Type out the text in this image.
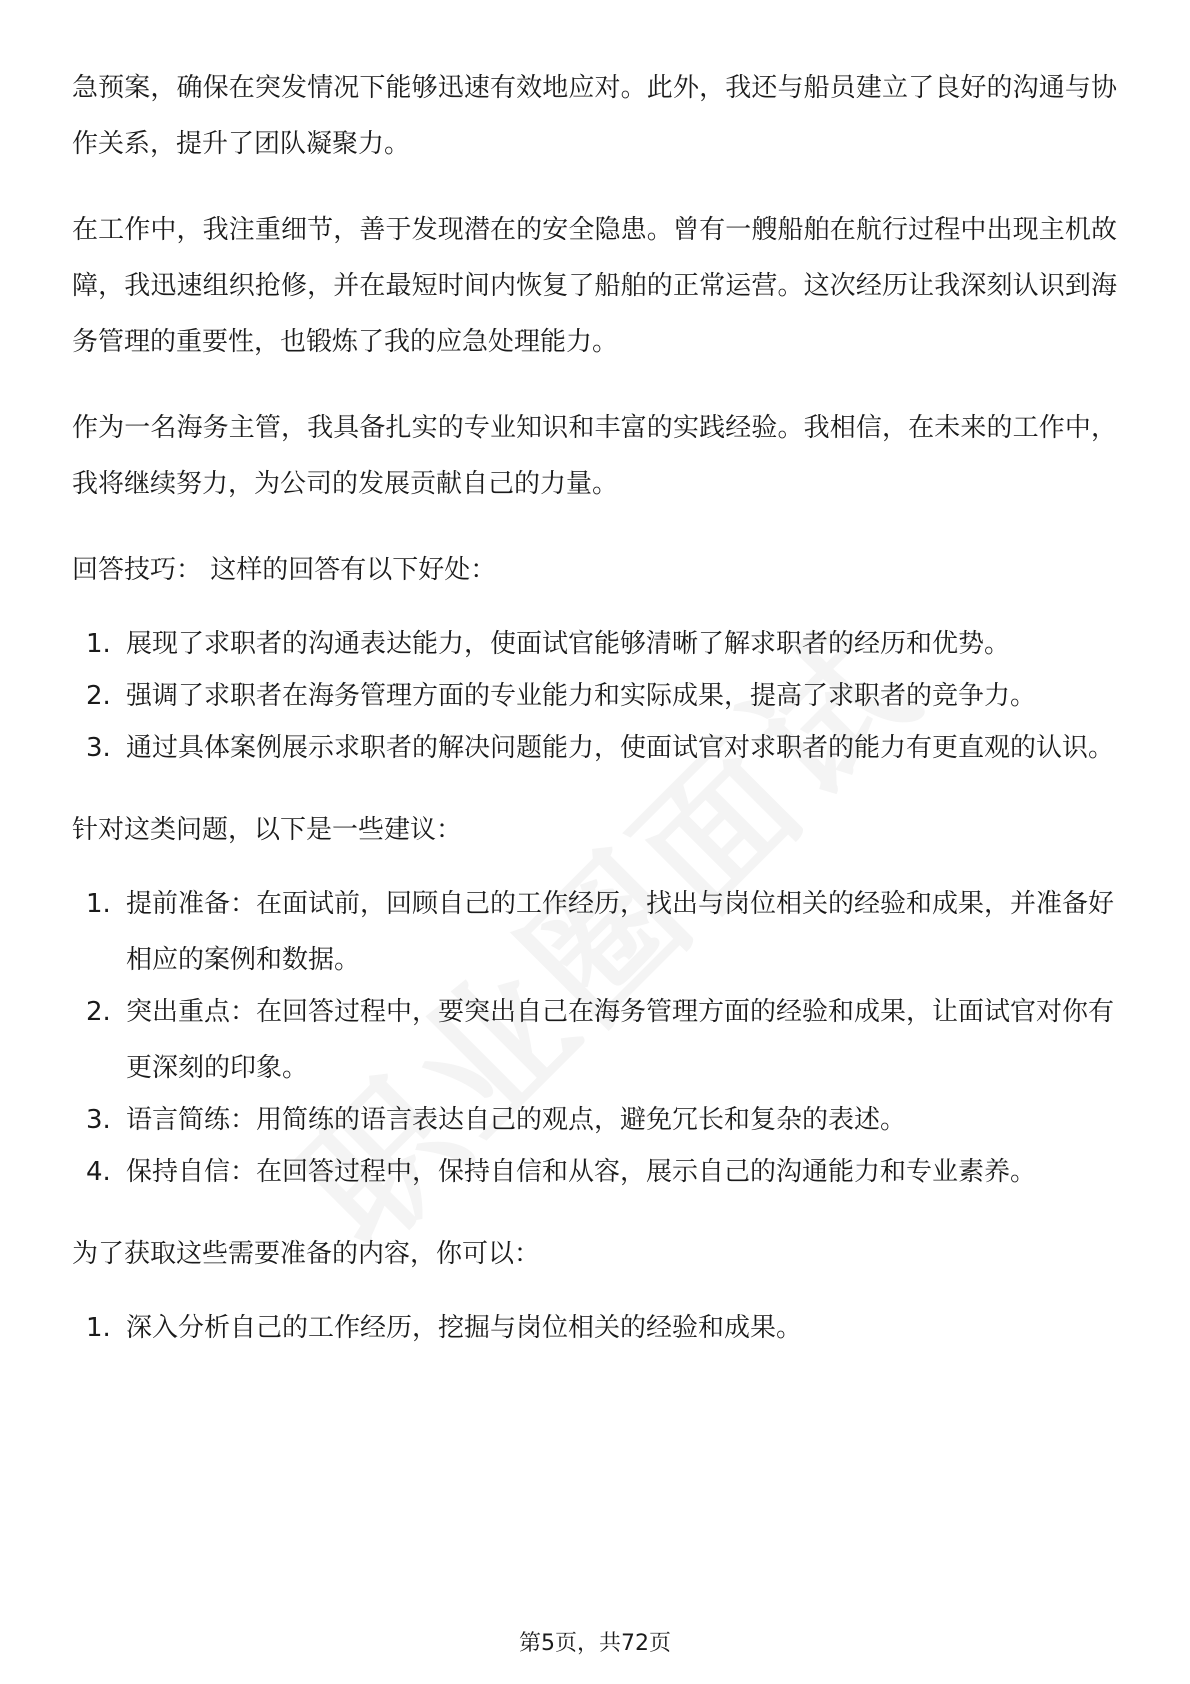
急预案，确保在突发情况下能够迅速有效地应对。此外，我还与船员建立了良好的沟通与协作关系，提升了团队凝聚力。

在工作中，我注重细节，善于发现潜在的安全隐患。曾有一艘船舶在航行过程中出现主机故障，我迅速组织抢修，并在最短时间内恢复了船舶的正常运营。这次经历让我深刻认识到海务管理的重要性，也锻炼了我的应急处理能力。

作为一名海务主管，我具备扎实的专业知识和丰富的实践经验。我相信，在未来的工作中，我将继续努力，为公司的发展贡献自己的力量。

回答技巧： 这样的回答有以下好处：

1. 展现了求职者的沟通表达能力，使面试官能够清晰了解求职者的经历和优势。
2. 强调了求职者在海务管理方面的专业能力和实际成果，提高了求职者的竞争力。
3. 通过具体案例展示求职者的解决问题能力，使面试官对求职者的能力有更直观的认识。

针对这类问题，以下是一些建议：

1. 提前准备：在面试前，回顾自己的工作经历，找出与岗位相关的经验和成果，并准备好相应的案例和数据。
2. 突出重点：在回答过程中，要突出自己在海务管理方面的经验和成果，让面试官对你有更深刻的印象。
3. 语言简练：用简练的语言表达自己的观点，避免冗长和复杂的表述。
4. 保持自信：在回答过程中，保持自信和从容，展示自己的沟通能力和专业素养。

为了获取这些需要准备的内容，你可以：

1. 深入分析自己的工作经历，挖掘与岗位相关的经验和成果。
第5页，共72页
